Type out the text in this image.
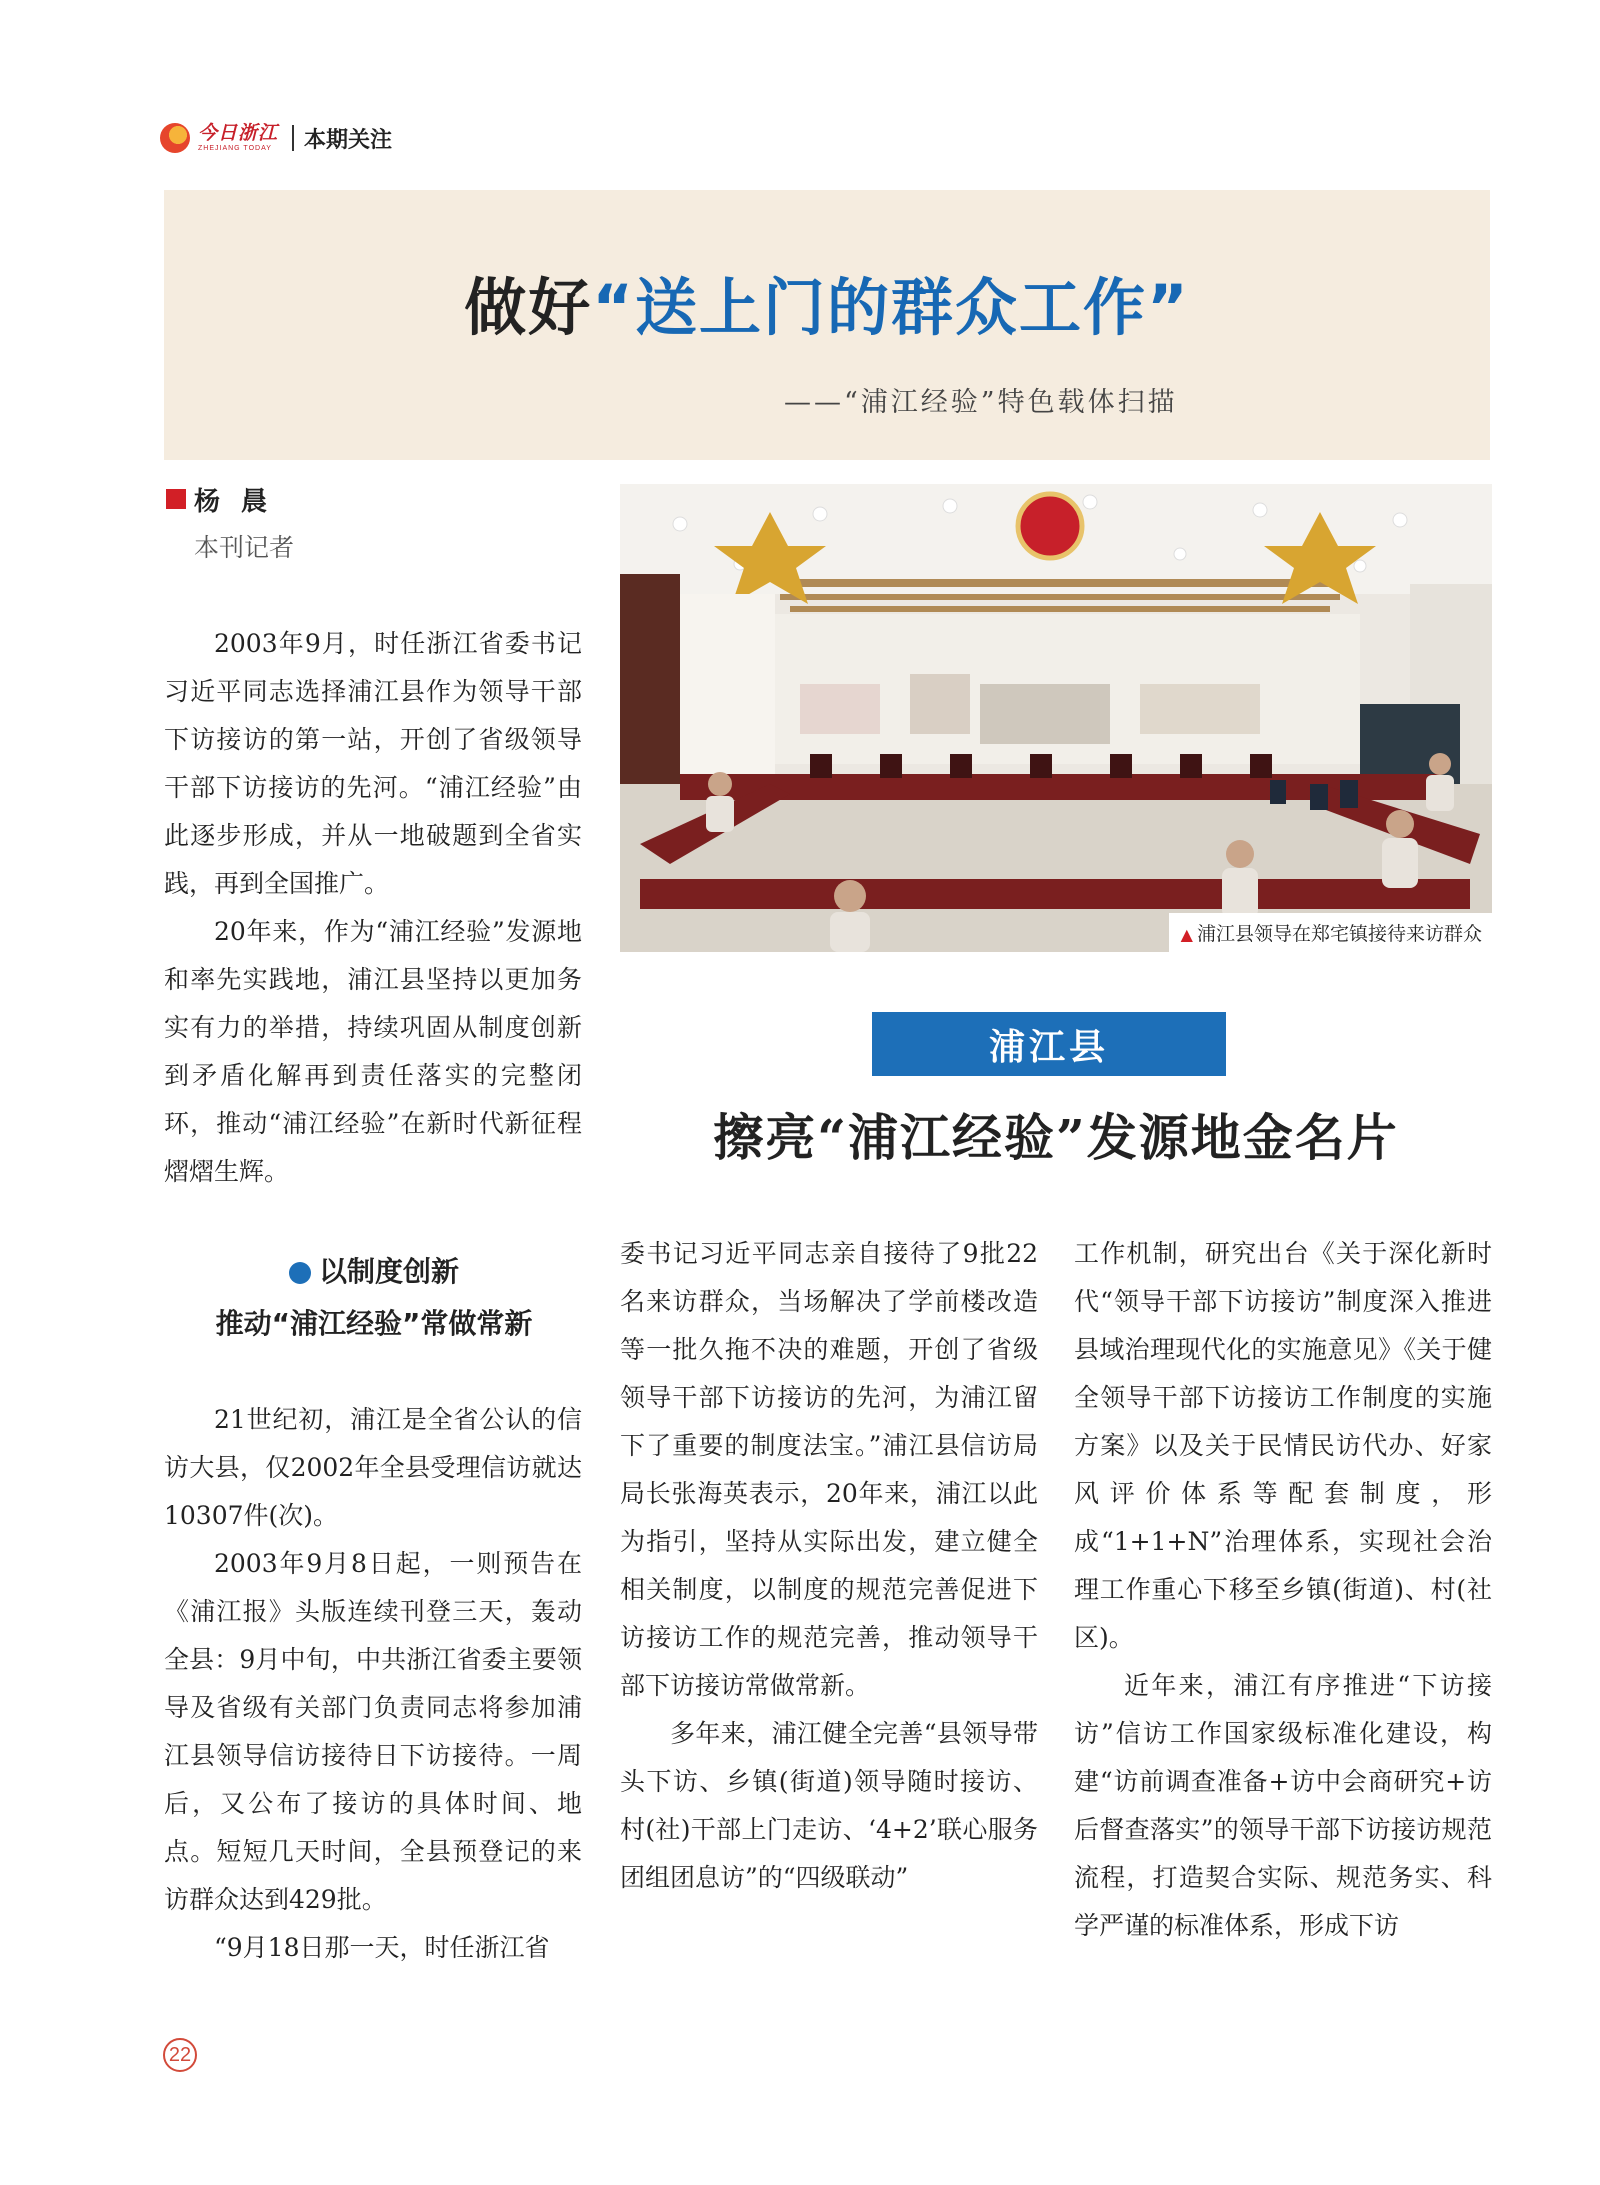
今日浙江
ZHEJIANG TODAY 本期关注
做好“送上门的群众工作”
——“浦江经验”特色载体扫描
杨 晨
本刊记者

2003年9月，时任浙江省委书记习近平同志选择浦江县作为领导干部下访接访的第一站，开创了省级领导干部下访接访的先河。“浦江经验”由此逐步形成，并从一地破题到全省实践，再到全国推广。

20年来，作为“浦江经验”发源地和率先实践地，浦江县坚持以更加务实有力的举措，持续巩固从制度创新到矛盾化解再到责任落实的完整闭环，推动“浦江经验”在新时代新征程熠熠生辉。

▲ 浦江县领导在郑宅镇接待来访群众
浦江县
擦亮“浦江经验”发源地金名片
以制度创新
推动“浦江经验”常做常新

21世纪初，浦江是全省公认的信访大县，仅2002年全县受理信访就达10307件(次)。

2003年9月8日起，一则预告在《浦江报》头版连续刊登三天，轰动全县：9月中旬，中共浙江省委主要领导及省级有关部门负责同志将参加浦江县领导信访接待日下访接待。一周后，又公布了接访的具体时间、地点。短短几天时间，全县预登记的来访群众达到429批。

“9月18日那一天，时任浙江省

委书记习近平同志亲自接待了9批22名来访群众，当场解决了学前楼改造等一批久拖不决的难题，开创了省级领导干部下访接访的先河，为浦江留下了重要的制度法宝。”浦江县信访局局长张海英表示，20年来，浦江以此为指引，坚持从实际出发，建立健全相关制度，以制度的规范完善促进下访接访工作的规范完善，推动领导干部下访接访常做常新。

多年来，浦江健全完善“县领导带头下访、乡镇(街道)领导随时接访、村(社)干部上门走访、‘4+2’联心服务团组团息访”的“四级联动”

工作机制，研究出台《关于深化新时代“领导干部下访接访”制度深入推进县域治理现代化的实施意见》《关于健全领导干部下访接访工作制度的实施方案》以及关于民情民访代办、好家风评价体系等配套制度，形成“1+1+N”治理体系，实现社会治理工作重心下移至乡镇(街道)、村(社区)。

近年来，浦江有序推进“下访接访”信访工作国家级标准化建设，构建“访前调查准备+访中会商研究+访后督查落实”的领导干部下访接访规范流程，打造契合实际、规范务实、科学严谨的标准体系，形成下访

22
